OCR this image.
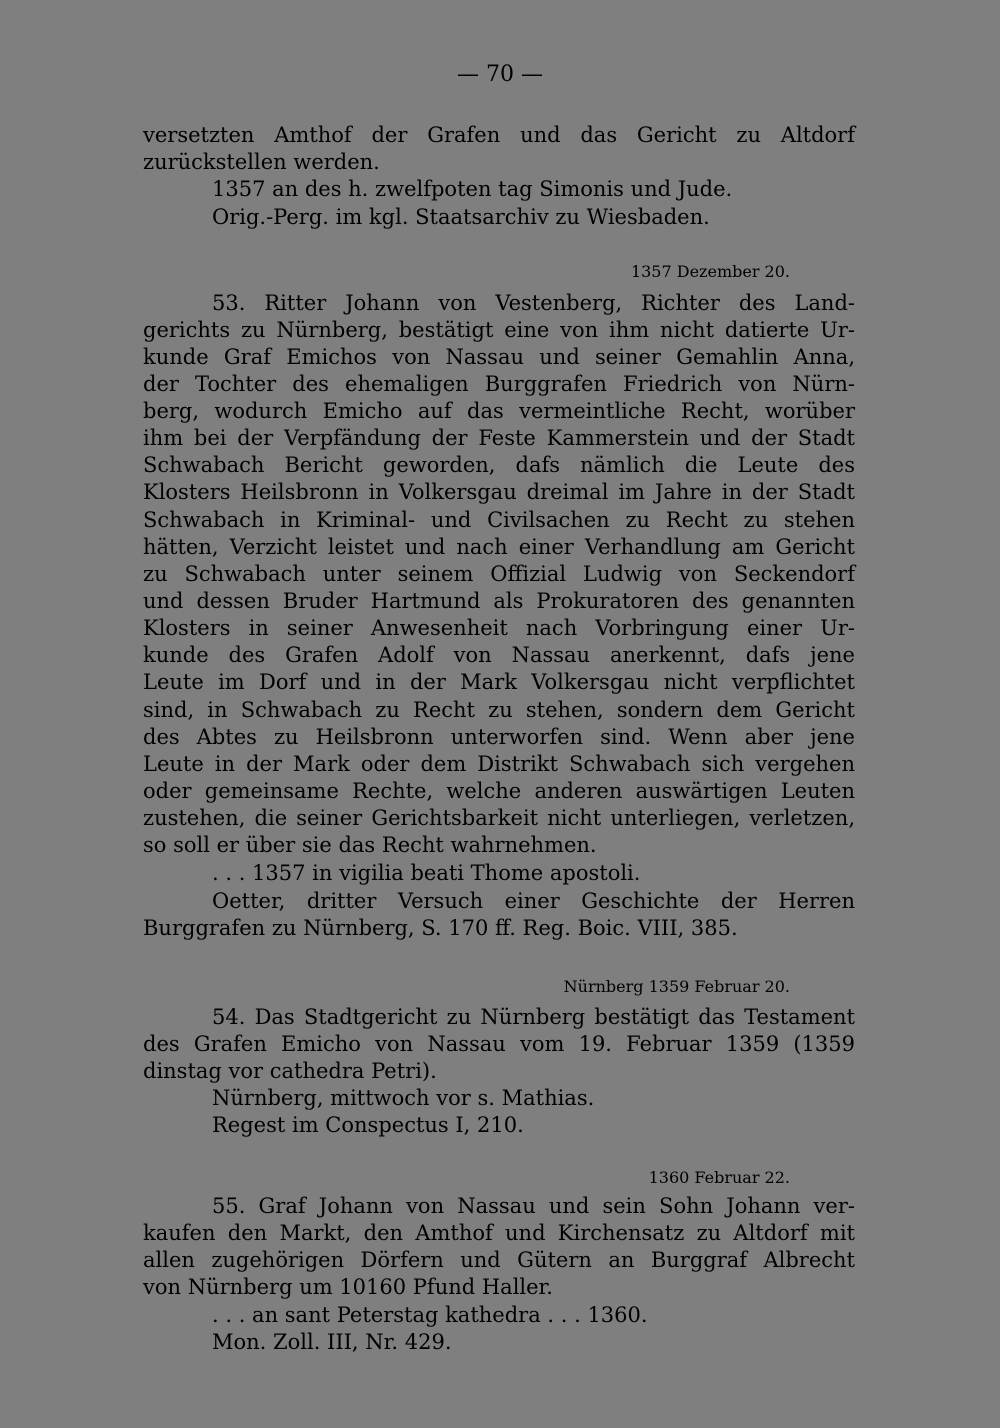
— 70 —
versetzten Amthof der Grafen und das Gericht zu Altdorf
zurückstellen werden.
1357 an des h. zwelfpoten tag Simonis und Jude.
Orig.-Perg. im kgl. Staatsarchiv zu Wiesbaden.
1357 Dezember 20.
53. Ritter Johann von Vestenberg, Richter des Land-
gerichts zu Nürnberg, bestätigt eine von ihm nicht datierte Ur-
kunde Graf Emichos von Nassau und seiner Gemahlin Anna,
der Tochter des ehemaligen Burggrafen Friedrich von Nürn-
berg, wodurch Emicho auf das vermeintliche Recht, worüber
ihm bei der Verpfändung der Feste Kammerstein und der Stadt
Schwabach Bericht geworden, dafs nämlich die Leute des
Klosters Heilsbronn in Volkersgau dreimal im Jahre in der Stadt
Schwabach in Kriminal- und Civilsachen zu Recht zu stehen
hätten, Verzicht leistet und nach einer Verhandlung am Gericht
zu Schwabach unter seinem Offizial Ludwig von Seckendorf
und dessen Bruder Hartmund als Prokuratoren des genannten
Klosters in seiner Anwesenheit nach Vorbringung einer Ur-
kunde des Grafen Adolf von Nassau anerkennt, dafs jene
Leute im Dorf und in der Mark Volkersgau nicht verpflichtet
sind, in Schwabach zu Recht zu stehen, sondern dem Gericht
des Abtes zu Heilsbronn unterworfen sind. Wenn aber jene
Leute in der Mark oder dem Distrikt Schwabach sich vergehen
oder gemeinsame Rechte, welche anderen auswärtigen Leuten
zustehen, die seiner Gerichtsbarkeit nicht unterliegen, verletzen,
so soll er über sie das Recht wahrnehmen.
. . . 1357 in vigilia beati Thome apostoli.
Oetter, dritter Versuch einer Geschichte der Herren
Burggrafen zu Nürnberg, S. 170 ff. Reg. Boic. VIII, 385.
Nürnberg 1359 Februar 20.
54. Das Stadtgericht zu Nürnberg bestätigt das Testament
des Grafen Emicho von Nassau vom 19. Februar 1359 (1359
dinstag vor cathedra Petri).
Nürnberg, mittwoch vor s. Mathias.
Regest im Conspectus I, 210.
1360 Februar 22.
55. Graf Johann von Nassau und sein Sohn Johann ver-
kaufen den Markt, den Amthof und Kirchensatz zu Altdorf mit
allen zugehörigen Dörfern und Gütern an Burggraf Albrecht
von Nürnberg um 10160 Pfund Haller.
. . . an sant Peterstag kathedra . . . 1360.
Mon. Zoll. III, Nr. 429.
